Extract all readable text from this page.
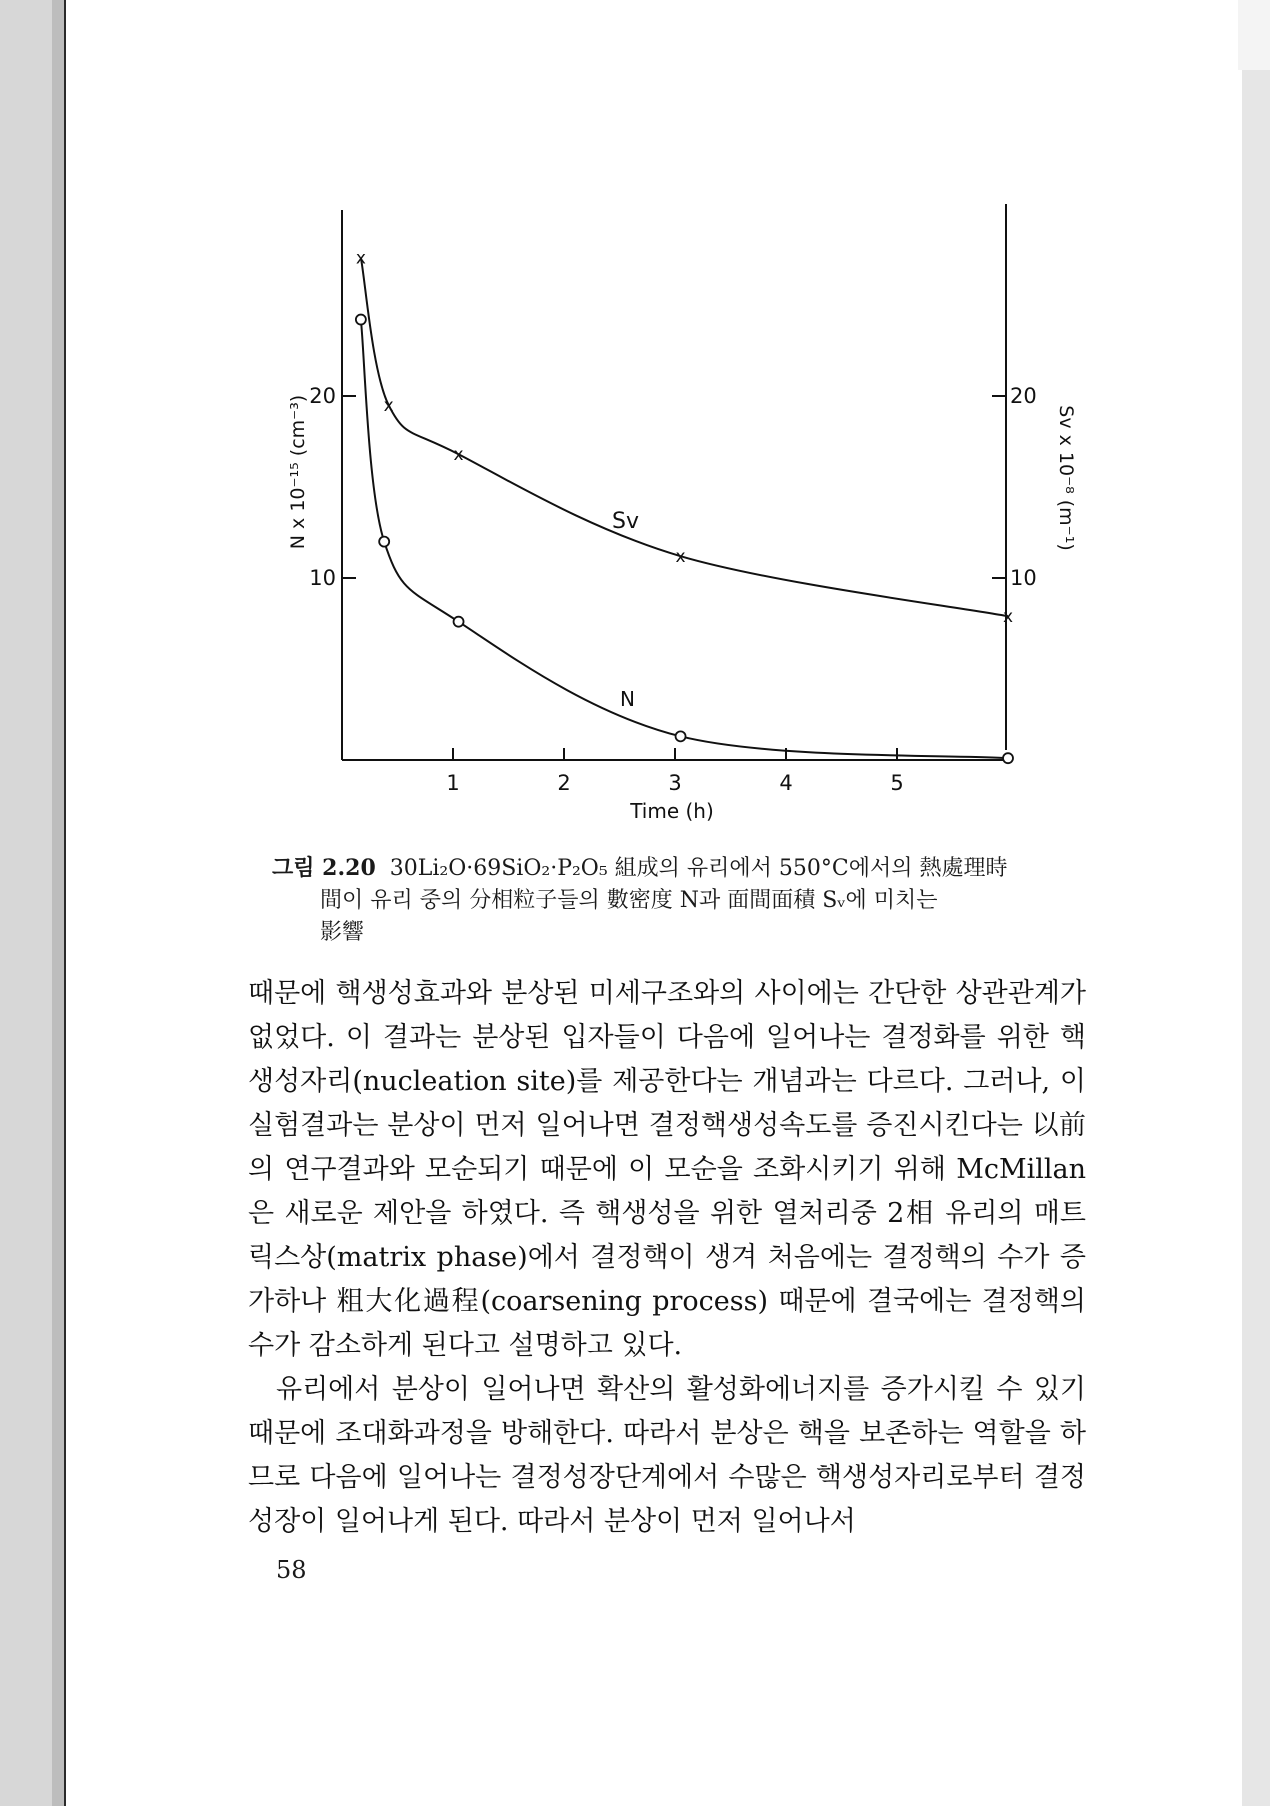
1	2	3	4	5
10
20
10
20
x
x
x
x
x
Time (h)
N x 10⁻¹⁵ (cm⁻³)	Sv x 10⁻⁸ (m⁻¹)
Sv
N
그림 2.20 30Li₂O·69SiO₂·P₂O₅ 組成의 유리에서 550°C에서의 熱處理時
間이 유리 중의 分相粒子들의 數密度 N과 面間面積 Sᵥ에 미치는
影響

때문에 핵생성효과와 분상된 미세구조와의 사이에는 간단한 상관관계가 없었다. 이 결과는 분상된 입자들이 다음에 일어나는 결정화를 위한 핵생성자리(nucleation site)를 제공한다는 개념과는 다르다. 그러나, 이 실험결과는 분상이 먼저 일어나면 결정핵생성속도를 증진시킨다는 以前의 연구결과와 모순되기 때문에 이 모순을 조화시키기 위해 McMillan은 새로운 제안을 하였다. 즉 핵생성을 위한 열처리중 2相 유리의 매트릭스상(matrix phase)에서 결정핵이 생겨 처음에는 결정핵의 수가 증가하나 粗大化過程(coarsening process) 때문에 결국에는 결정핵의 수가 감소하게 된다고 설명하고 있다.

유리에서 분상이 일어나면 확산의 활성화에너지를 증가시킬 수 있기 때문에 조대화과정을 방해한다. 따라서 분상은 핵을 보존하는 역할을 하므로 다음에 일어나는 결정성장단계에서 수많은 핵생성자리로부터 결정성장이 일어나게 된다. 따라서 분상이 먼저 일어나서

58
